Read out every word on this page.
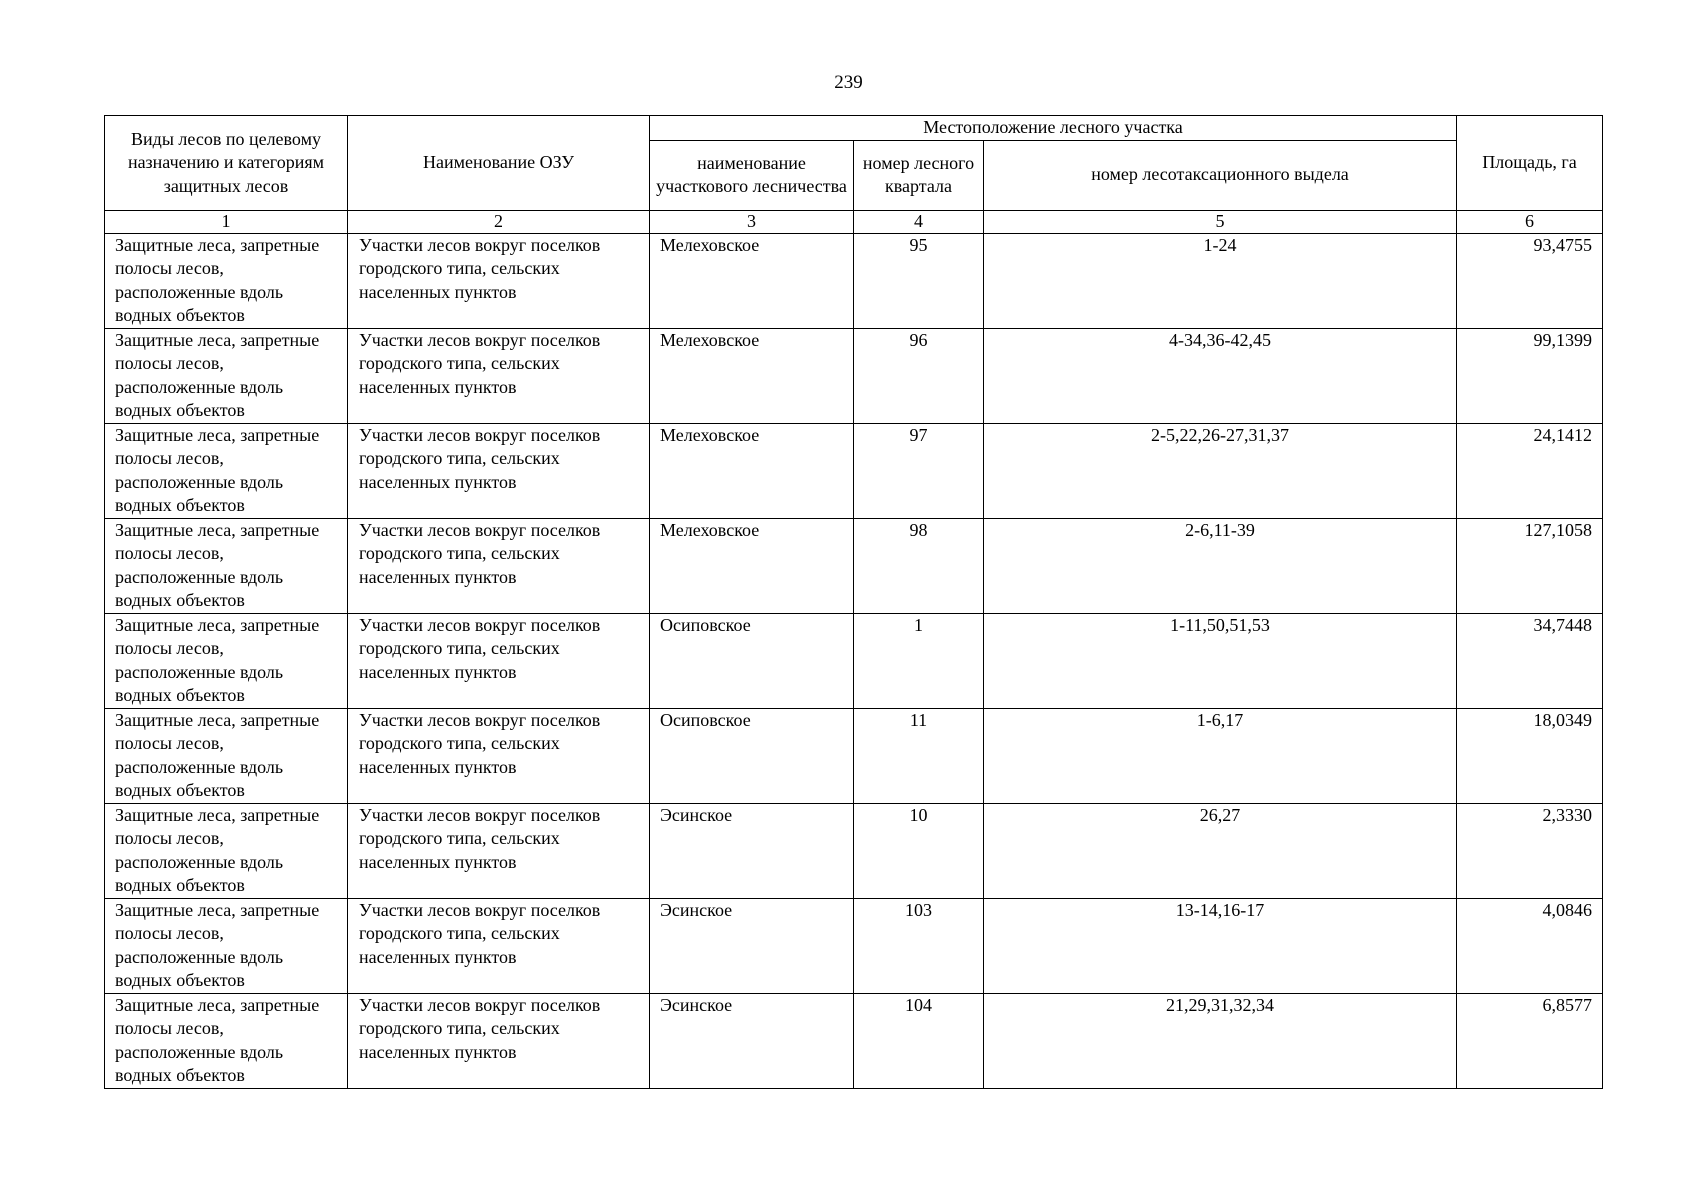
239
Виды лесов по целевому назначению и категориям защитных лесов	Наименование ОЗУ	Местоположение лесного участка			Площадь, га
		наименование участкового лесничества	номер лесного квартала	номер лесотаксационного выдела	
1	2	3	4	5	6
Защитные леса, запретные полосы лесов, расположенные вдоль водных объектов	Участки лесов вокруг поселков городского типа, сельских населенных пунктов	Мелеховское	95	1-24	93,4755
Защитные леса, запретные полосы лесов, расположенные вдоль водных объектов	Участки лесов вокруг поселков городского типа, сельских населенных пунктов	Мелеховское	96	4-34,36-42,45	99,1399
Защитные леса, запретные полосы лесов, расположенные вдоль водных объектов	Участки лесов вокруг поселков городского типа, сельских населенных пунктов	Мелеховское	97	2-5,22,26-27,31,37	24,1412
Защитные леса, запретные полосы лесов, расположенные вдоль водных объектов	Участки лесов вокруг поселков городского типа, сельских населенных пунктов	Мелеховское	98	2-6,11-39	127,1058
Защитные леса, запретные полосы лесов, расположенные вдоль водных объектов	Участки лесов вокруг поселков городского типа, сельских населенных пунктов	Осиповское	1	1-11,50,51,53	34,7448
Защитные леса, запретные полосы лесов, расположенные вдоль водных объектов	Участки лесов вокруг поселков городского типа, сельских населенных пунктов	Осиповское	11	1-6,17	18,0349
Защитные леса, запретные полосы лесов, расположенные вдоль водных объектов	Участки лесов вокруг поселков городского типа, сельских населенных пунктов	Эсинское	10	26,27	2,3330
Защитные леса, запретные полосы лесов, расположенные вдоль водных объектов	Участки лесов вокруг поселков городского типа, сельских населенных пунктов	Эсинское	103	13-14,16-17	4,0846
Защитные леса, запретные полосы лесов, расположенные вдоль водных объектов	Участки лесов вокруг поселков городского типа, сельских населенных пунктов	Эсинское	104	21,29,31,32,34	6,8577
